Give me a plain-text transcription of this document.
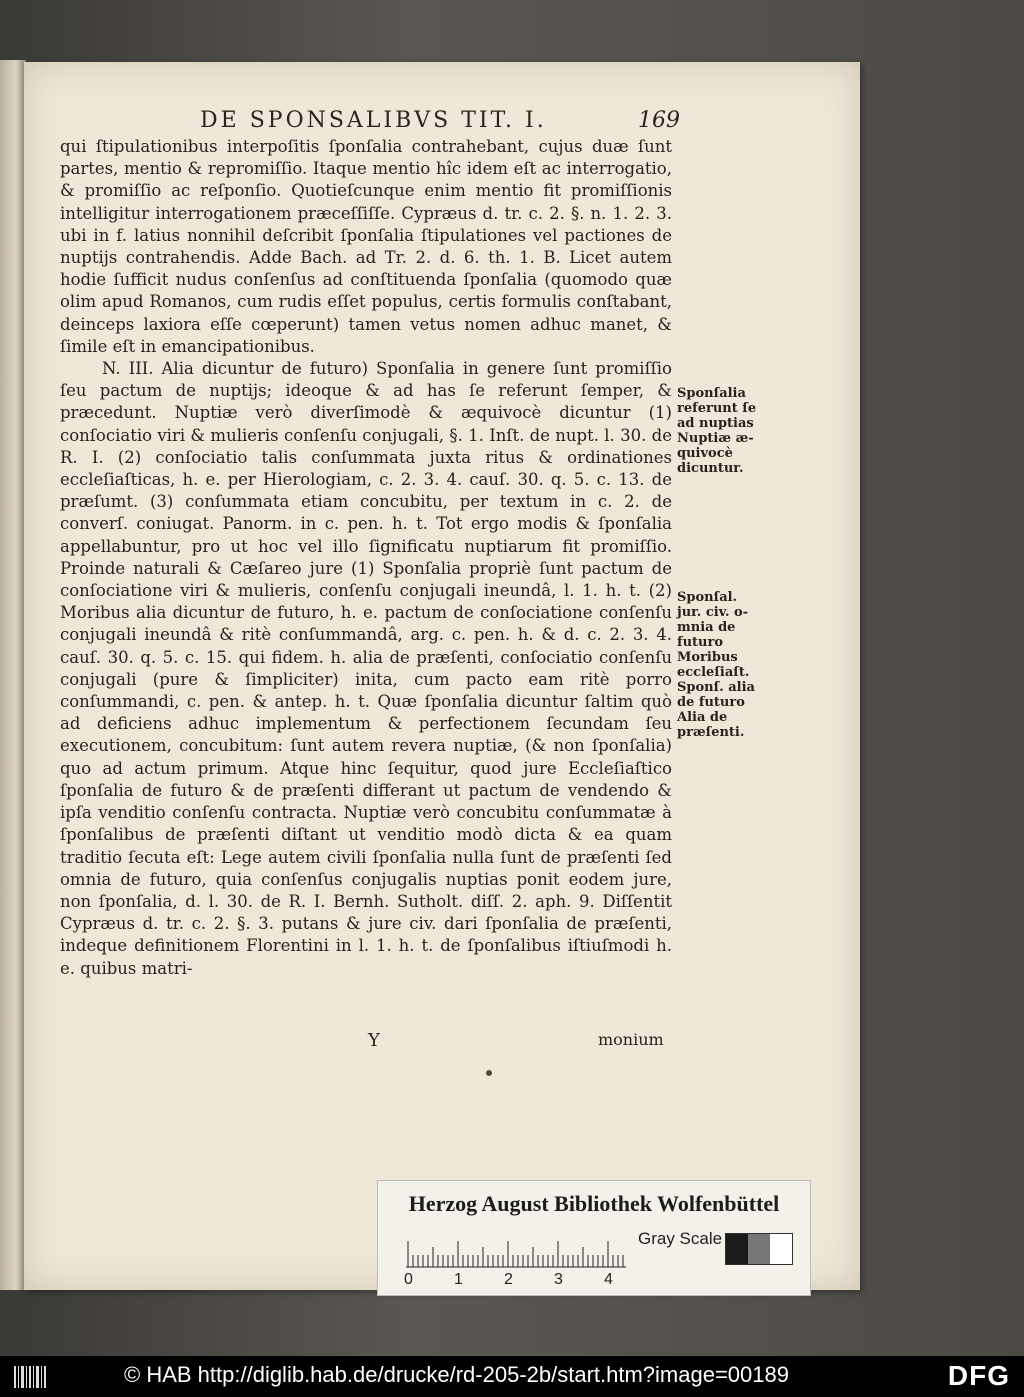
DE SPONSALIBVS TIT. I.	169

qui ſtipulationibus interpoſitis ſponſalia contrahebant, cujus duæ ſunt partes, mentio & repromiſſio. Itaque mentio hîc idem eſt ac interrogatio, & promiſſio ac reſponſio. Quotieſcunque enim mentio fit promiſſionis intelligitur interrogationem præceſſiſſe. Cypræus d. tr. c. 2. §. n. 1. 2. 3. ubi in f. latius nonnihil deſcribit ſponſalia ſtipulationes vel pactiones de nuptijs contrahendis. Adde Bach. ad Tr. 2. d. 6. th. 1. B. Licet autem hodie ſufficit nudus conſenſus ad conſtituenda ſponſalia (quomodo quæ olim apud Romanos, cum rudis eſſet populus, certis formulis conſtabant, deinceps laxiora eſſe cœperunt) tamen vetus nomen adhuc manet, & ſimile eſt in emancipationibus.

N. III. Alia dicuntur de futuro) Sponſalia in genere ſunt promiſſio ſeu pactum de nuptijs; ideoque & ad has ſe referunt ſemper, & præcedunt. Nuptiæ verò diverſimodè & æquivocè dicuntur (1) conſociatio viri & mulieris conſenſu conjugali, §. 1. Inſt. de nupt. l. 30. de R. I. (2) conſociatio talis conſummata juxta ritus & ordinationes eccleſiaſticas, h. e. per Hierologiam, c. 2. 3. 4. cauſ. 30. q. 5. c. 13. de præſumt. (3) conſummata etiam concubitu, per textum in c. 2. de converſ. coniugat. Panorm. in c. pen. h. t. Tot ergo modis & ſponſalia appellabuntur, pro ut hoc vel illo ſignificatu nuptiarum fit promiſſio. Proinde naturali & Cæſareo jure (1) Sponſalia propriè ſunt pactum de conſociatione viri & mulieris, conſenſu conjugali ineundâ, l. 1. h. t. (2) Moribus alia dicuntur de futuro, h. e. pactum de conſociatione conſenſu conjugali ineundâ & ritè conſummandâ, arg. c. pen. h. & d. c. 2. 3. 4. cauſ. 30. q. 5. c. 15. qui fidem. h. alia de præſenti, conſociatio conſenſu conjugali (pure & ſimpliciter) inita, cum pacto eam ritè porro conſummandi, c. pen. & antep. h. t. Quæ ſponſalia dicuntur ſaltim quò ad deficiens adhuc implementum & perfectionem ſecundam ſeu executionem, concubitum: ſunt autem revera nuptiæ, (& non ſponſalia) quo ad actum primum. Atque hinc ſequitur, quod jure Eccleſiaſtico ſponſalia de futuro & de præſenti differant ut pactum de vendendo & ipſa venditio conſenſu contracta. Nuptiæ verò concubitu conſummatæ à ſponſalibus de præſenti diſtant ut venditio modò dicta & ea quam traditio ſecuta eſt: Lege autem civili ſponſalia nulla ſunt de præſenti ſed omnia de futuro, quia conſenſus conjugalis nuptias ponit eodem jure, non ſponſalia, d. l. 30. de R. I. Bernh. Sutholt. diſſ. 2. aph. 9. Diſſentit Cypræus d. tr. c. 2. §. 3. putans & jure civ. dari ſponſalia de præſenti, indeque definitionem Florentini in l. 1. h. t. de ſponſalibus iſtiuſmodi h. e. quibus matri-

Sponſalia
referunt ſe
ad nuptias
Nuptiæ æ-
quivocè
dicuntur.
Sponſal.
jur. civ. o-
mnia de
futuro
Moribus
eccleſiaſt.
Sponſ. alia
de futuro
Alia de
præſenti.
Y	monium
Herzog August Bibliothek Wolfenbüttel
0	1	2	3	4
Gray Scale
© HAB http://diglib.hab.de/drucke/rd-205-2b/start.htm?image=00189	DFG
